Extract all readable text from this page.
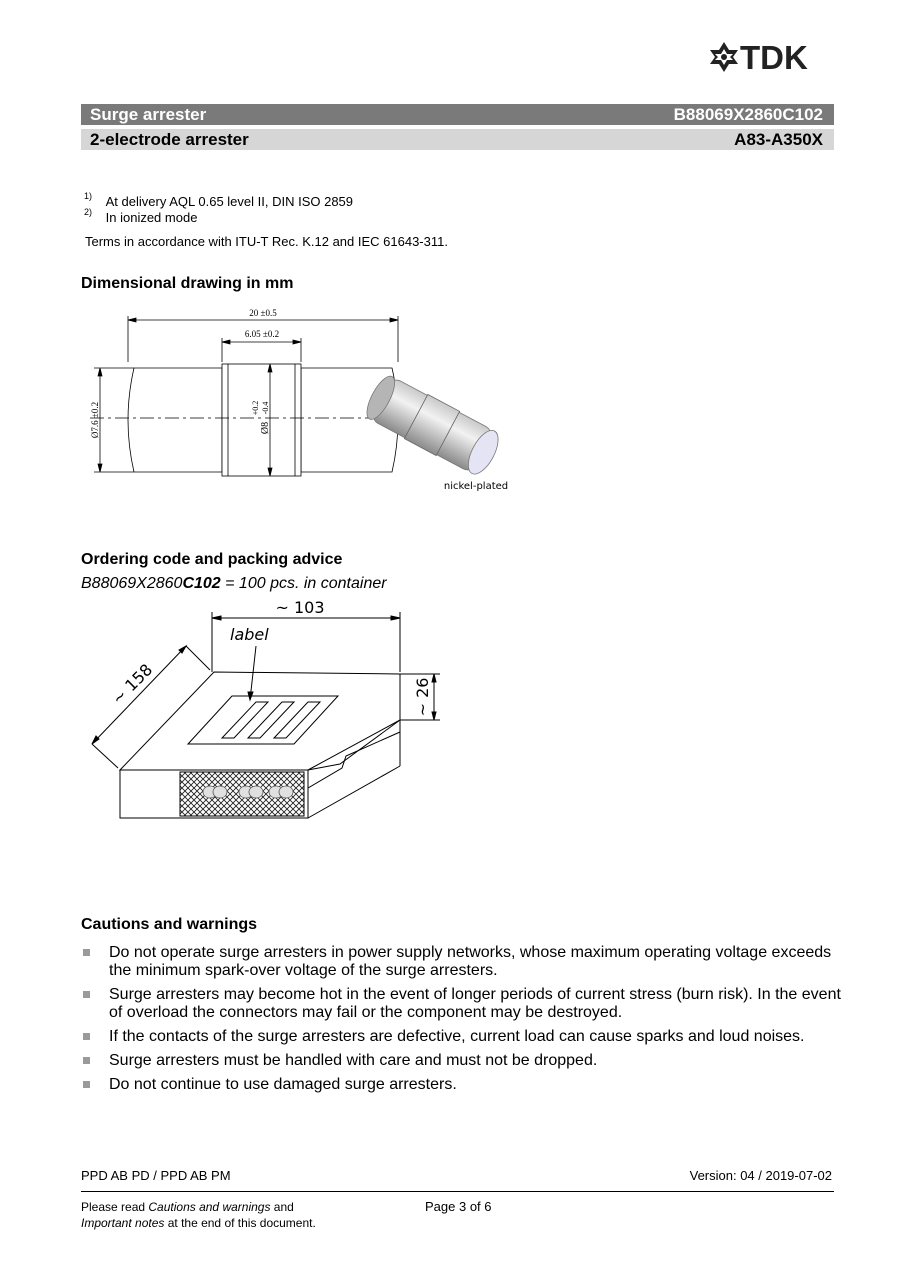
TDK
Surge arrester	B88069X2860C102
2-electrode arrester	A83-A350X
$^{1)}$ At delivery AQL 0.65 level II, DIN ISO 2859
$^{2)}$ In ionized mode
Terms in accordance with ITU-T Rec. K.12 and IEC 61643-311.
Dimensional drawing in mm
20 ±0.5
6.05 ±0.2
Ø7.6 ±0.2	Ø8
+0.2 -0.4
nickel-plated
Ordering code and packing advice
B88069X2860C102 = 100 pcs. in container
~ 103
~ 158	~ 26
label
Cautions and warnings
Do not operate surge arresters in power supply networks, whose maximum operating voltage exceeds the minimum spark-over voltage of the surge arresters.
Surge arresters may become hot in the event of longer periods of current stress (burn risk). In the event of overload the connectors may fail or the component may be destroyed.
If the contacts of the surge arresters are defective, current load can cause sparks and loud noises.
Surge arresters must be handled with care and must not be dropped.
Do not continue to use damaged surge arresters.
PPD AB PD / PPD AB PM	Version: 04 / 2019-07-02
Please read Cautions and warnings and
Important notes at the end of this document.
Page 3 of 6
